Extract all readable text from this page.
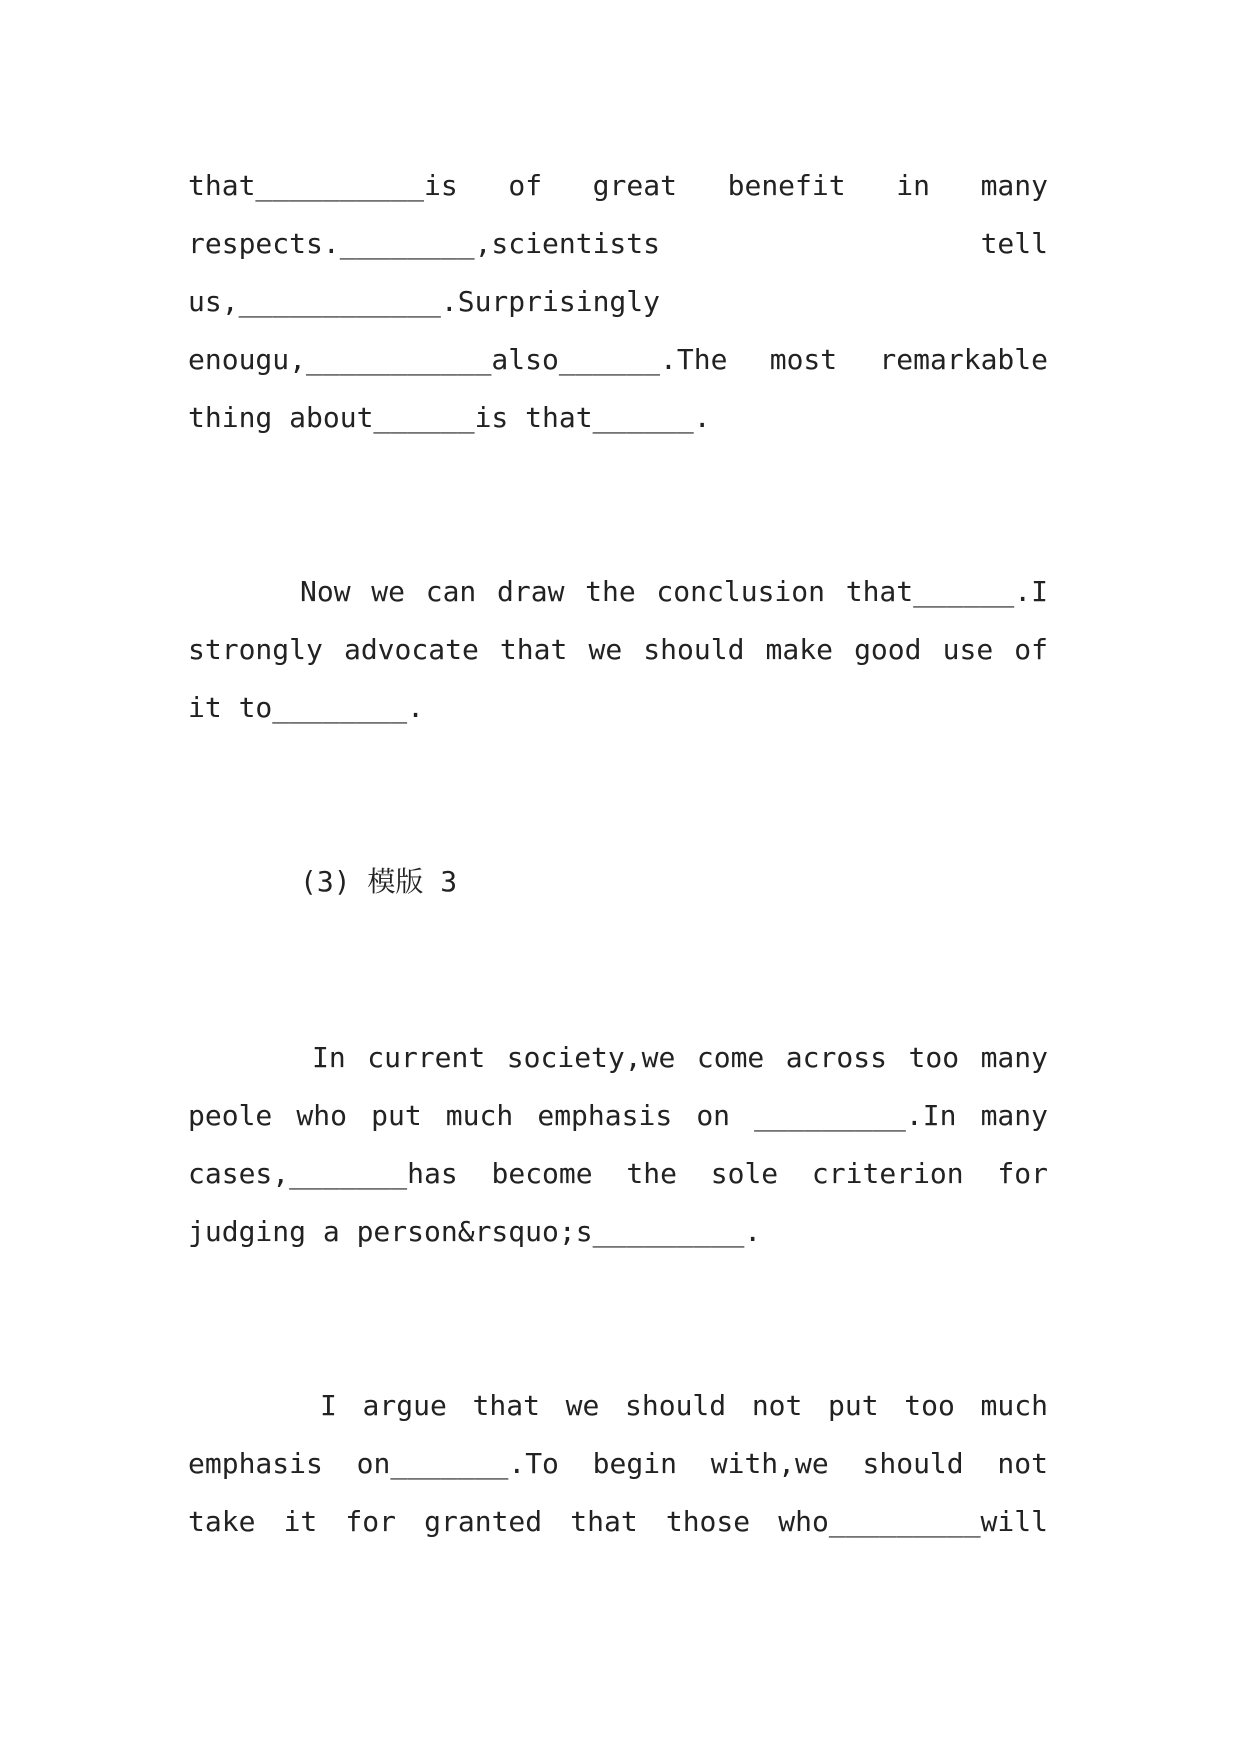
that__________is of great benefit in many
respects.________,scientists tell
us,____________.Surprisingly
enougu,___________also______.The most remarkable
thing about______is that______.
Now we can draw the conclusion that______.I
strongly advocate that we should make good use of
it to________.
(3) 模版 3
In current society,we come across too many
peole who put much emphasis on _________.In many
cases,_______has become the sole criterion for
judging a person&rsquo;s_________.
I argue that we should not put too much
emphasis on_______.To begin with,we should not
take it for granted that those who_________will
